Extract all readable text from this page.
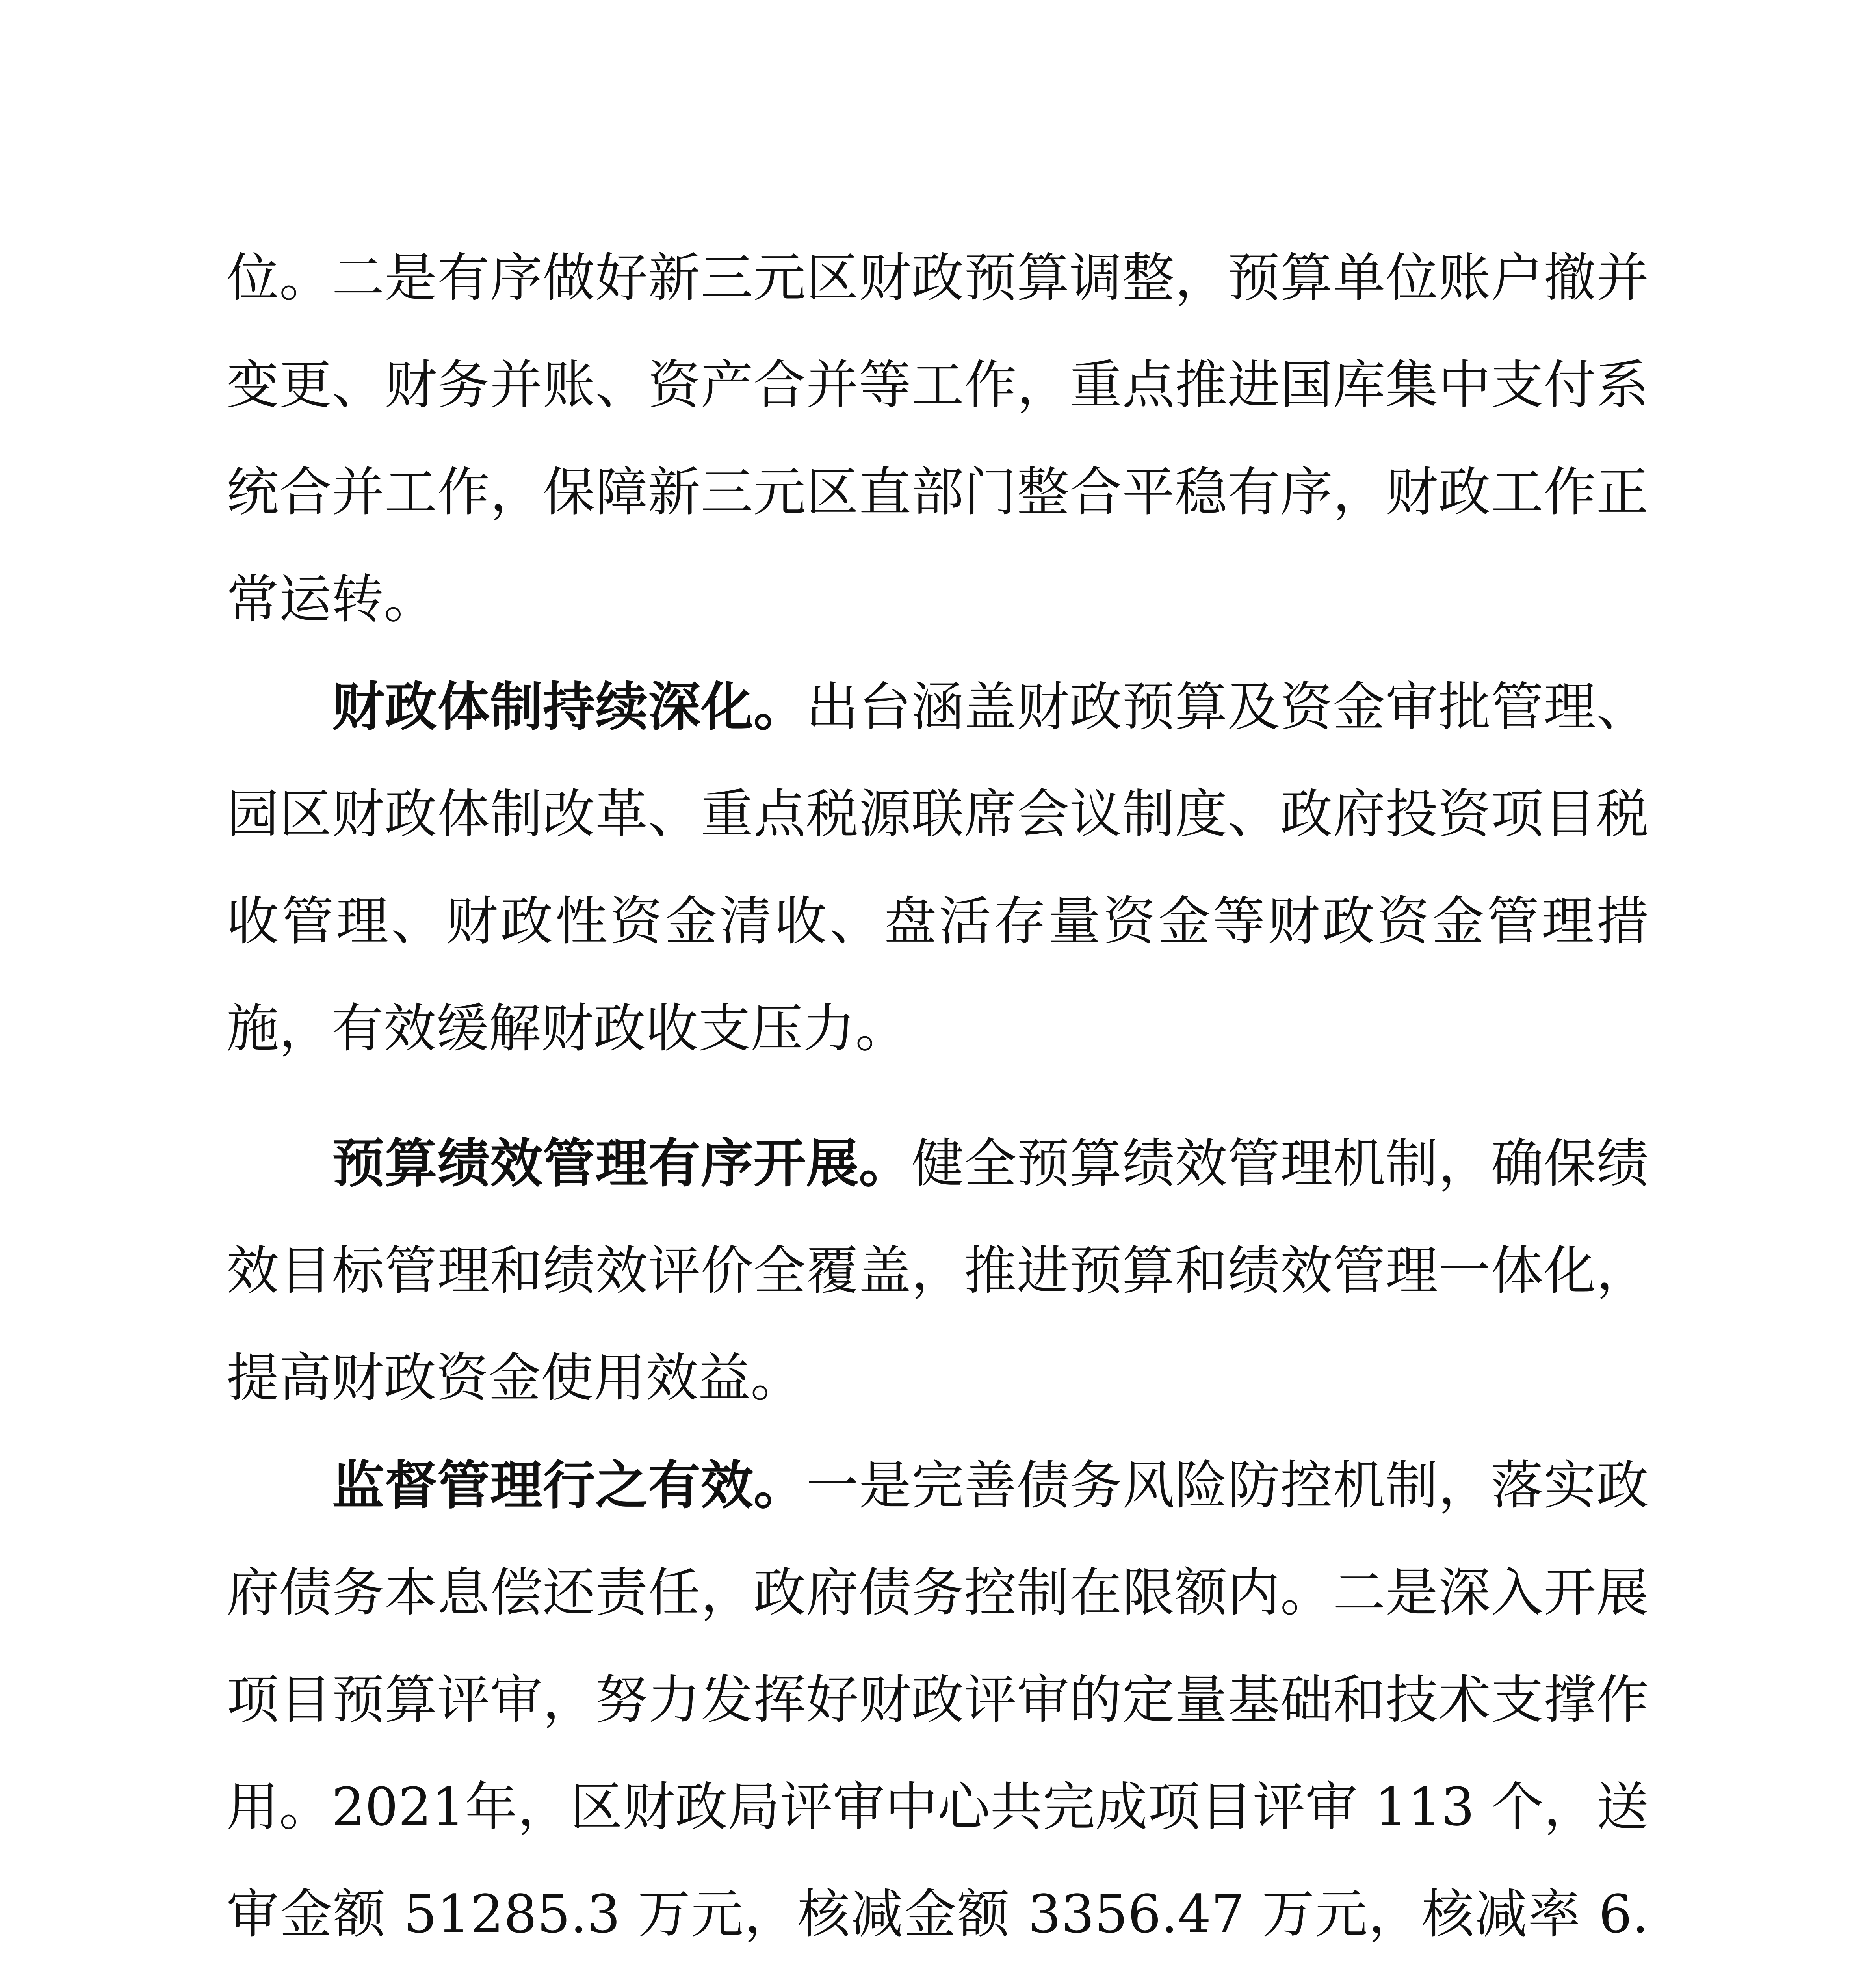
位。二是有序做好新三元区财政预算调整，预算单位账户撤并变更、财务并账、资产合并等工作，重点推进国库集中支付系统合并工作，保障新三元区直部门整合平稳有序，财政工作正常运转。

财政体制持续深化。出台涵盖财政预算及资金审批管理、园区财政体制改革、重点税源联席会议制度、政府投资项目税收管理、财政性资金清收、盘活存量资金等财政资金管理措施，有效缓解财政收支压力。

预算绩效管理有序开展。健全预算绩效管理机制，确保绩效目标管理和绩效评价全覆盖，推进预算和绩效管理一体化，提高财政资金使用效益。

监督管理行之有效。一是完善债务风险防控机制，落实政府债务本息偿还责任，政府债务控制在限额内。二是深入开展项目预算评审，努力发挥好财政评审的定量基础和技术支撑作用。2021年，区财政局评审中心共完成项目评审 113 个，送审金额 51285.3 万元，核减金额 3356.47 万元，核减率 6.
